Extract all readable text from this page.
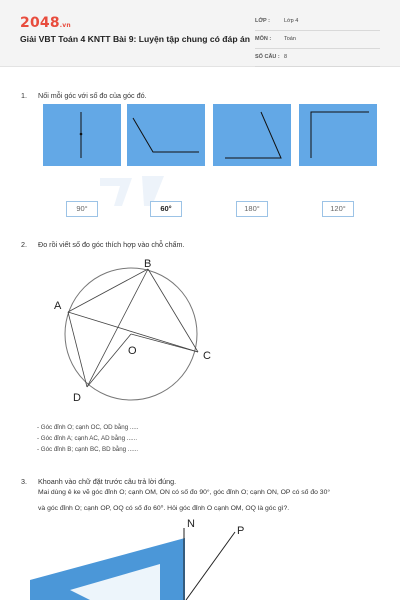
2048.vn
Giải VBT Toán 4 KNTT Bài 9: Luyện tập chung có đáp án
LỚP :	Lớp 4
MÔN : Toán
SỐ CÂU : 8
1. Nối mỗi góc với số đo của góc đó.
90°	60°	180°	120°
2. Đo rồi viết số đo góc thích hợp vào chỗ chấm.
B
A
C
D
O
- Góc đỉnh O; cạnh OC, OD bằng .....
- Góc đỉnh A; cạnh AC, AD bằng ......
- Góc đỉnh B; cạnh BC, BD bằng ......
3. Khoanh vào chữ đặt trước câu trả lời đúng.
Mai dùng ê ke vẽ góc đỉnh O; cạnh OM, ON có số đo 90°, góc đỉnh O; cạnh ON, OP có số đo 30°
và góc đỉnh O; cạnh OP, OQ có số đo 60⁰. Hỏi góc đỉnh O cạnh OM, OQ là góc gì?.
N
P
